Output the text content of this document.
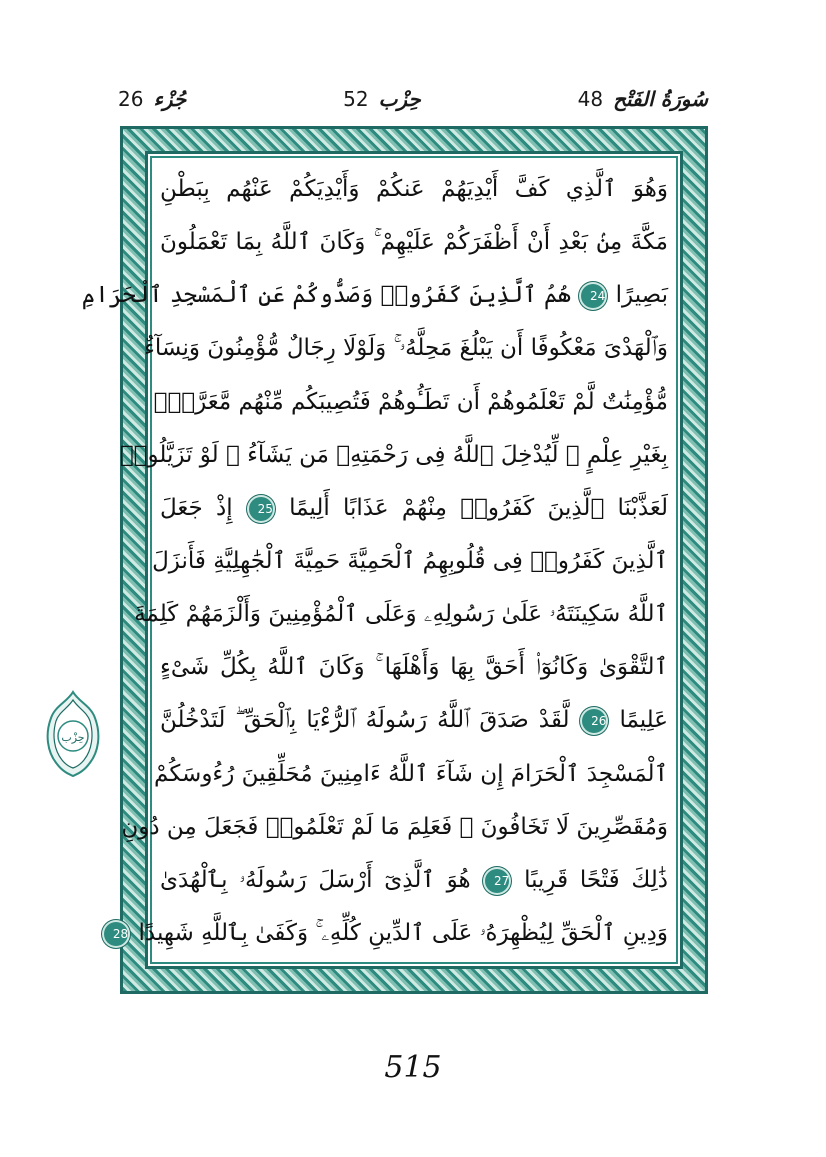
26 جُزْء	52 حِزْب	48 سُورَةُ الفَتْح
وَهُوَ ٱلَّذِي كَفَّ أَيْدِيَهُمْ عَنكُمْ وَأَيْدِيَكُمْ عَنْهُم بِبَطْنِ
مَكَّةَ مِنۢ بَعْدِ أَنْ أَظْفَرَكُمْ عَلَيْهِمْ ۚ وَكَانَ ٱللَّهُ بِمَا تَعْمَلُونَ
بَصِيرًا 24 هُمُ ٱلَّذِينَ كَفَرُوا۟ وَصَدُّوكُمْ عَنِ ٱلْمَسْجِدِ ٱلْحَرَامِ
وَٱلْهَدْىَ مَعْكُوفًا أَن يَبْلُغَ مَحِلَّهُۥ ۚ وَلَوْلَا رِجَالٌ مُّؤْمِنُونَ وَنِسَآءٌ
مُّؤْمِنَٰتٌ لَّمْ تَعْلَمُوهُمْ أَن تَطَـُٔوهُمْ فَتُصِيبَكُم مِّنْهُم مَّعَرَّةٌۢ
بِغَيْرِ عِلْمٍ ۖ لِّيُدْخِلَ ٱللَّهُ فِى رَحْمَتِهِۦ مَن يَشَآءُ ۚ لَوْ تَزَيَّلُوا۟
لَعَذَّبْنَا ٱلَّذِينَ كَفَرُوا۟ مِنْهُمْ عَذَابًا أَلِيمًا 25 إِذْ جَعَلَ
ٱلَّذِينَ كَفَرُوا۟ فِى قُلُوبِهِمُ ٱلْحَمِيَّةَ حَمِيَّةَ ٱلْجَٰهِلِيَّةِ فَأَنزَلَ
ٱللَّهُ سَكِينَتَهُۥ عَلَىٰ رَسُولِهِۦ وَعَلَى ٱلْمُؤْمِنِينَ وَأَلْزَمَهُمْ كَلِمَةَ
ٱلتَّقْوَىٰ وَكَانُوٓا۟ أَحَقَّ بِهَا وَأَهْلَهَا ۚ وَكَانَ ٱللَّهُ بِكُلِّ شَىْءٍ
عَلِيمًا 26 لَّقَدْ صَدَقَ ٱللَّهُ رَسُولَهُ ٱلرُّءْيَا بِٱلْحَقِّ ۖ لَتَدْخُلُنَّ
ٱلْمَسْجِدَ ٱلْحَرَامَ إِن شَآءَ ٱللَّهُ ءَامِنِينَ مُحَلِّقِينَ رُءُوسَكُمْ
وَمُقَصِّرِينَ لَا تَخَافُونَ ۖ فَعَلِمَ مَا لَمْ تَعْلَمُوا۟ فَجَعَلَ مِن دُونِ
ذَٰلِكَ فَتْحًا قَرِيبًا 27 هُوَ ٱلَّذِىٓ أَرْسَلَ رَسُولَهُۥ بِٱلْهُدَىٰ
وَدِينِ ٱلْحَقِّ لِيُظْهِرَهُۥ عَلَى ٱلدِّينِ كُلِّهِۦ ۚ وَكَفَىٰ بِٱللَّهِ شَهِيدًا 28
حِزْب
515
